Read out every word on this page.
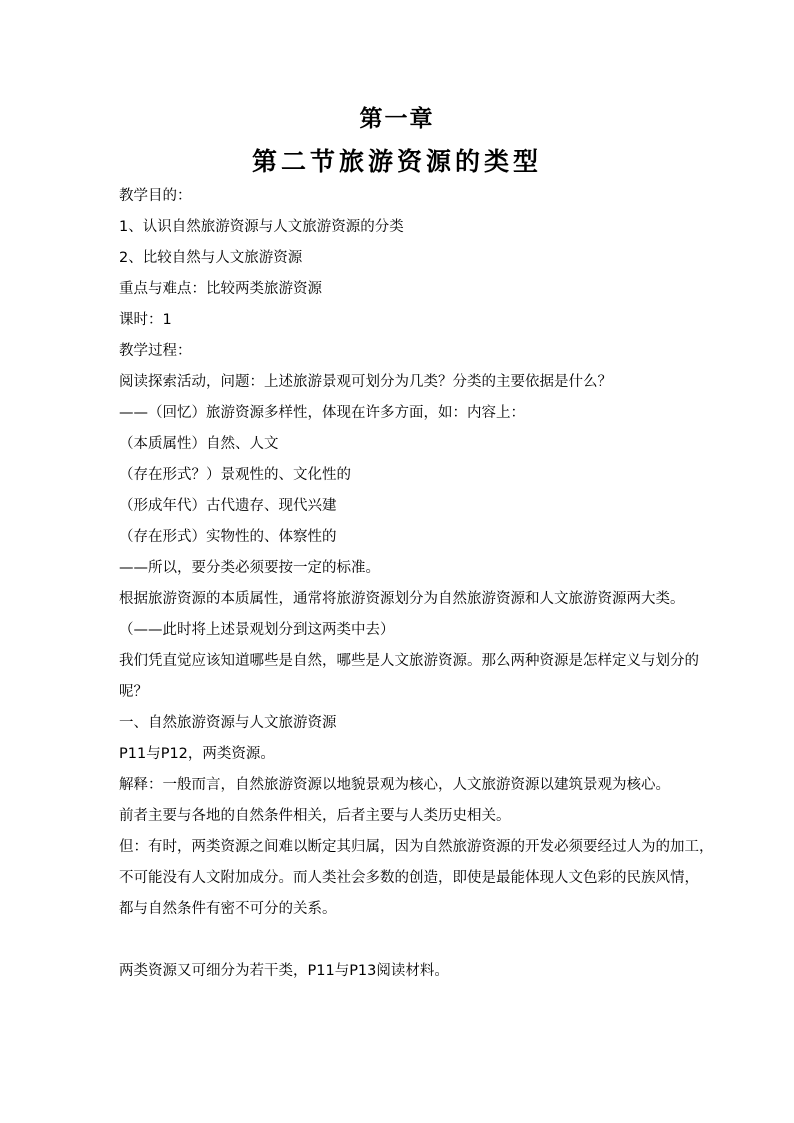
第一章
第二节旅游资源的类型
教学目的：
1、认识自然旅游资源与人文旅游资源的分类
2、比较自然与人文旅游资源
重点与难点：比较两类旅游资源
课时：1
教学过程：
阅读探索活动，问题：上述旅游景观可划分为几类？分类的主要依据是什么？
——（回忆）旅游资源多样性，体现在许多方面，如：内容上：
（本质属性）自然、人文
（存在形式？）景观性的、文化性的
（形成年代）古代遗存、现代兴建
（存在形式）实物性的、体察性的
——所以，要分类必须要按一定的标准。
根据旅游资源的本质属性，通常将旅游资源划分为自然旅游资源和人文旅游资源两大类。
（——此时将上述景观划分到这两类中去）
我们凭直觉应该知道哪些是自然，哪些是人文旅游资源。那么两种资源是怎样定义与划分的
呢？
一、自然旅游资源与人文旅游资源
P11与P12，两类资源。
解释：一般而言，自然旅游资源以地貌景观为核心，人文旅游资源以建筑景观为核心。
前者主要与各地的自然条件相关，后者主要与人类历史相关。
但：有时，两类资源之间难以断定其归属，因为自然旅游资源的开发必须要经过人为的加工，
不可能没有人文附加成分。而人类社会多数的创造，即使是最能体现人文色彩的民族风情，
都与自然条件有密不可分的关系。
两类资源又可细分为若干类，P11与P13阅读材料。
